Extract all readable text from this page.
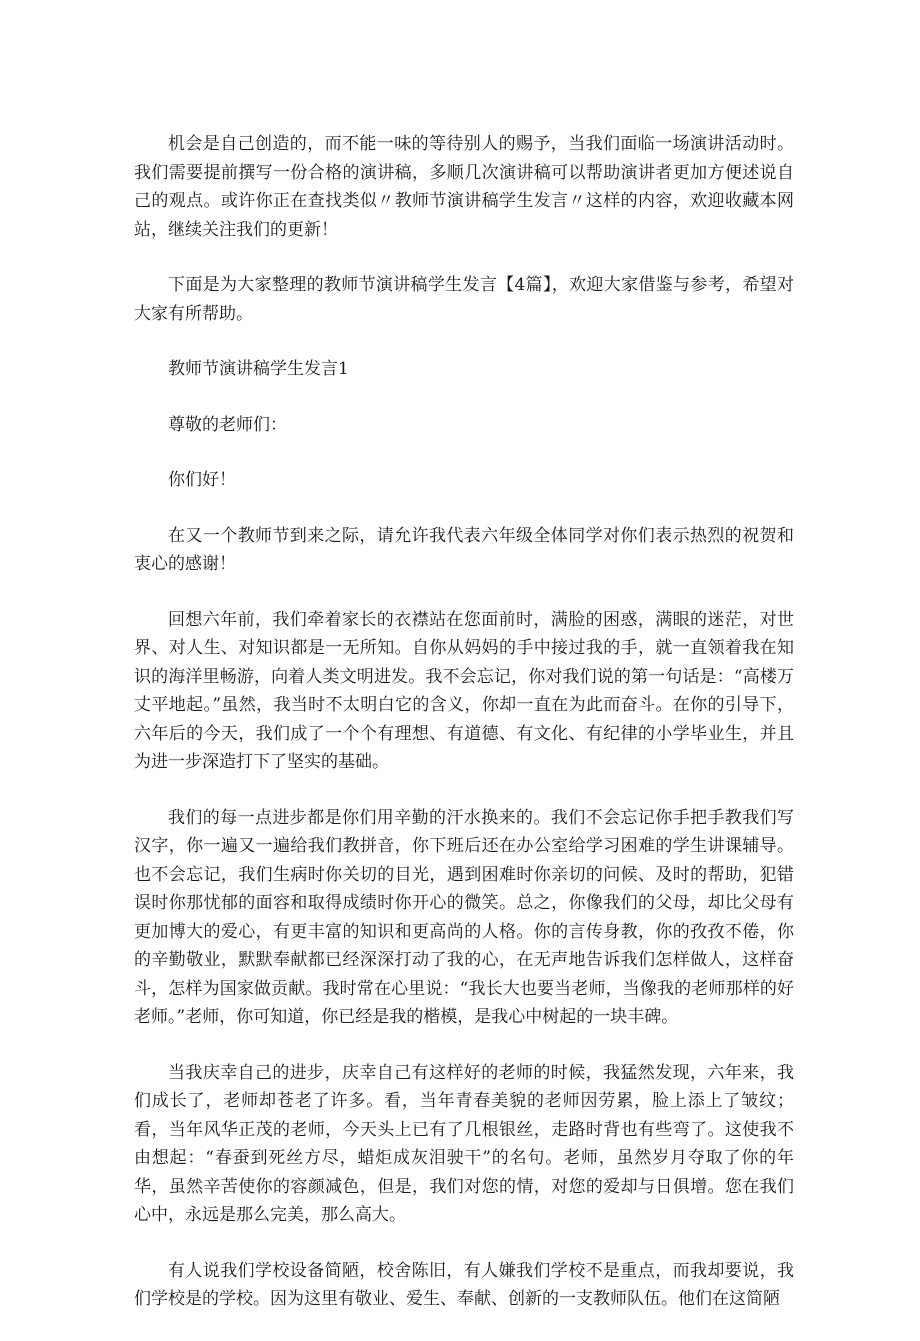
机会是自己创造的，而不能一味的等待别人的赐予，当我们面临一场演讲活动时。我们需要提前撰写一份合格的演讲稿，多顺几次演讲稿可以帮助演讲者更加方便述说自己的观点。或许你正在查找类似〃教师节演讲稿学生发言〃这样的内容，欢迎收藏本网站，继续关注我们的更新！

下面是为大家整理的教师节演讲稿学生发言【4篇】，欢迎大家借鉴与参考，希望对大家有所帮助。

教师节演讲稿学生发言1

尊敬的老师们：

你们好！

在又一个教师节到来之际，请允许我代表六年级全体同学对你们表示热烈的祝贺和衷心的感谢！

回想六年前，我们牵着家长的衣襟站在您面前时，满脸的困惑，满眼的迷茫，对世界、对人生、对知识都是一无所知。自你从妈妈的手中接过我的手，就一直领着我在知识的海洋里畅游，向着人类文明进发。我不会忘记，你对我们说的第一句话是：“高楼万丈平地起。”虽然，我当时不太明白它的含义，你却一直在为此而奋斗。在你的引导下，六年后的今天，我们成了一个个有理想、有道德、有文化、有纪律的小学毕业生，并且为进一步深造打下了坚实的基础。

我们的每一点进步都是你们用辛勤的汗水换来的。我们不会忘记你手把手教我们写汉字，你一遍又一遍给我们教拼音，你下班后还在办公室给学习困难的学生讲课辅导。也不会忘记，我们生病时你关切的目光，遇到困难时你亲切的问候、及时的帮助，犯错误时你那忧郁的面容和取得成绩时你开心的微笑。总之，你像我们的父母，却比父母有更加博大的爱心，有更丰富的知识和更高尚的人格。你的言传身教，你的孜孜不倦，你的辛勤敬业，默默奉献都已经深深打动了我的心，在无声地告诉我们怎样做人，这样奋斗，怎样为国家做贡献。我时常在心里说：“我长大也要当老师，当像我的老师那样的好老师。”老师，你可知道，你已经是我的楷模，是我心中树起的一块丰碑。

当我庆幸自己的进步，庆幸自己有这样好的老师的时候，我猛然发现，六年来，我们成长了，老师却苍老了许多。看，当年青春美貌的老师因劳累，脸上添上了皱纹；看，当年风华正茂的老师，今天头上已有了几根银丝，走路时背也有些弯了。这使我不由想起：“春蚕到死丝方尽，蜡炬成灰泪驶干”的名句。老师，虽然岁月夺取了你的年华，虽然辛苦使你的容颜减色，但是，我们对您的情，对您的爱却与日俱增。您在我们心中，永远是那么完美，那么高大。

有人说我们学校设备简陋，校舍陈旧，有人嫌我们学校不是重点，而我却要说，我们学校是的学校。因为这里有敬业、爱生、奉献、创新的一支教师队伍。他们在这简陋
